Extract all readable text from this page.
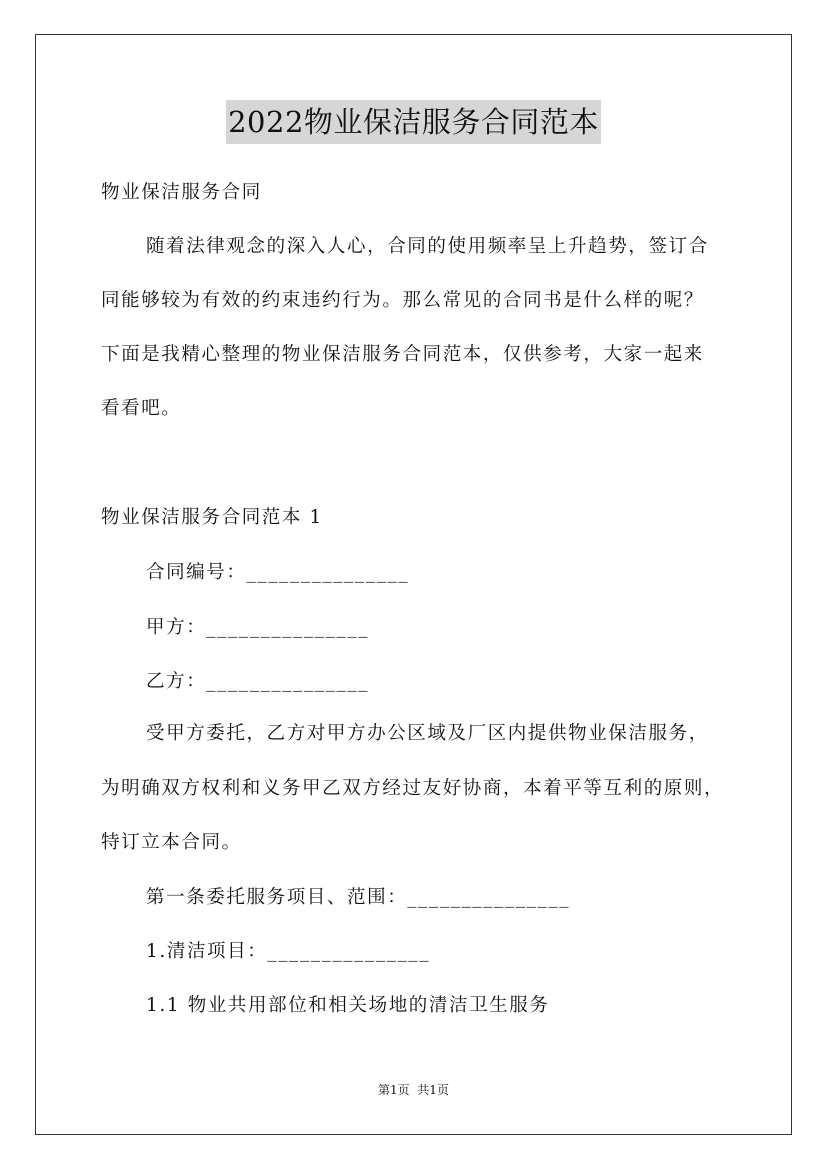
2022物业保洁服务合同范本
物业保洁服务合同
随着法律观念的深入人心，合同的使用频率呈上升趋势，签订合
同能够较为有效的约束违约行为。那么常见的合同书是什么样的呢？
下面是我精心整理的物业保洁服务合同范本，仅供参考，大家一起来
看看吧。
物业保洁服务合同范本 1
合同编号：_______________
甲方：_______________
乙方：_______________
受甲方委托，乙方对甲方办公区域及厂区内提供物业保洁服务，
为明确双方权利和义务甲乙双方经过友好协商，本着平等互利的原则，
特订立本合同。
第一条委托服务项目、范围：_______________
1.清洁项目：_______________
1.1 物业共用部位和相关场地的清洁卫生服务
第1页  共1页
